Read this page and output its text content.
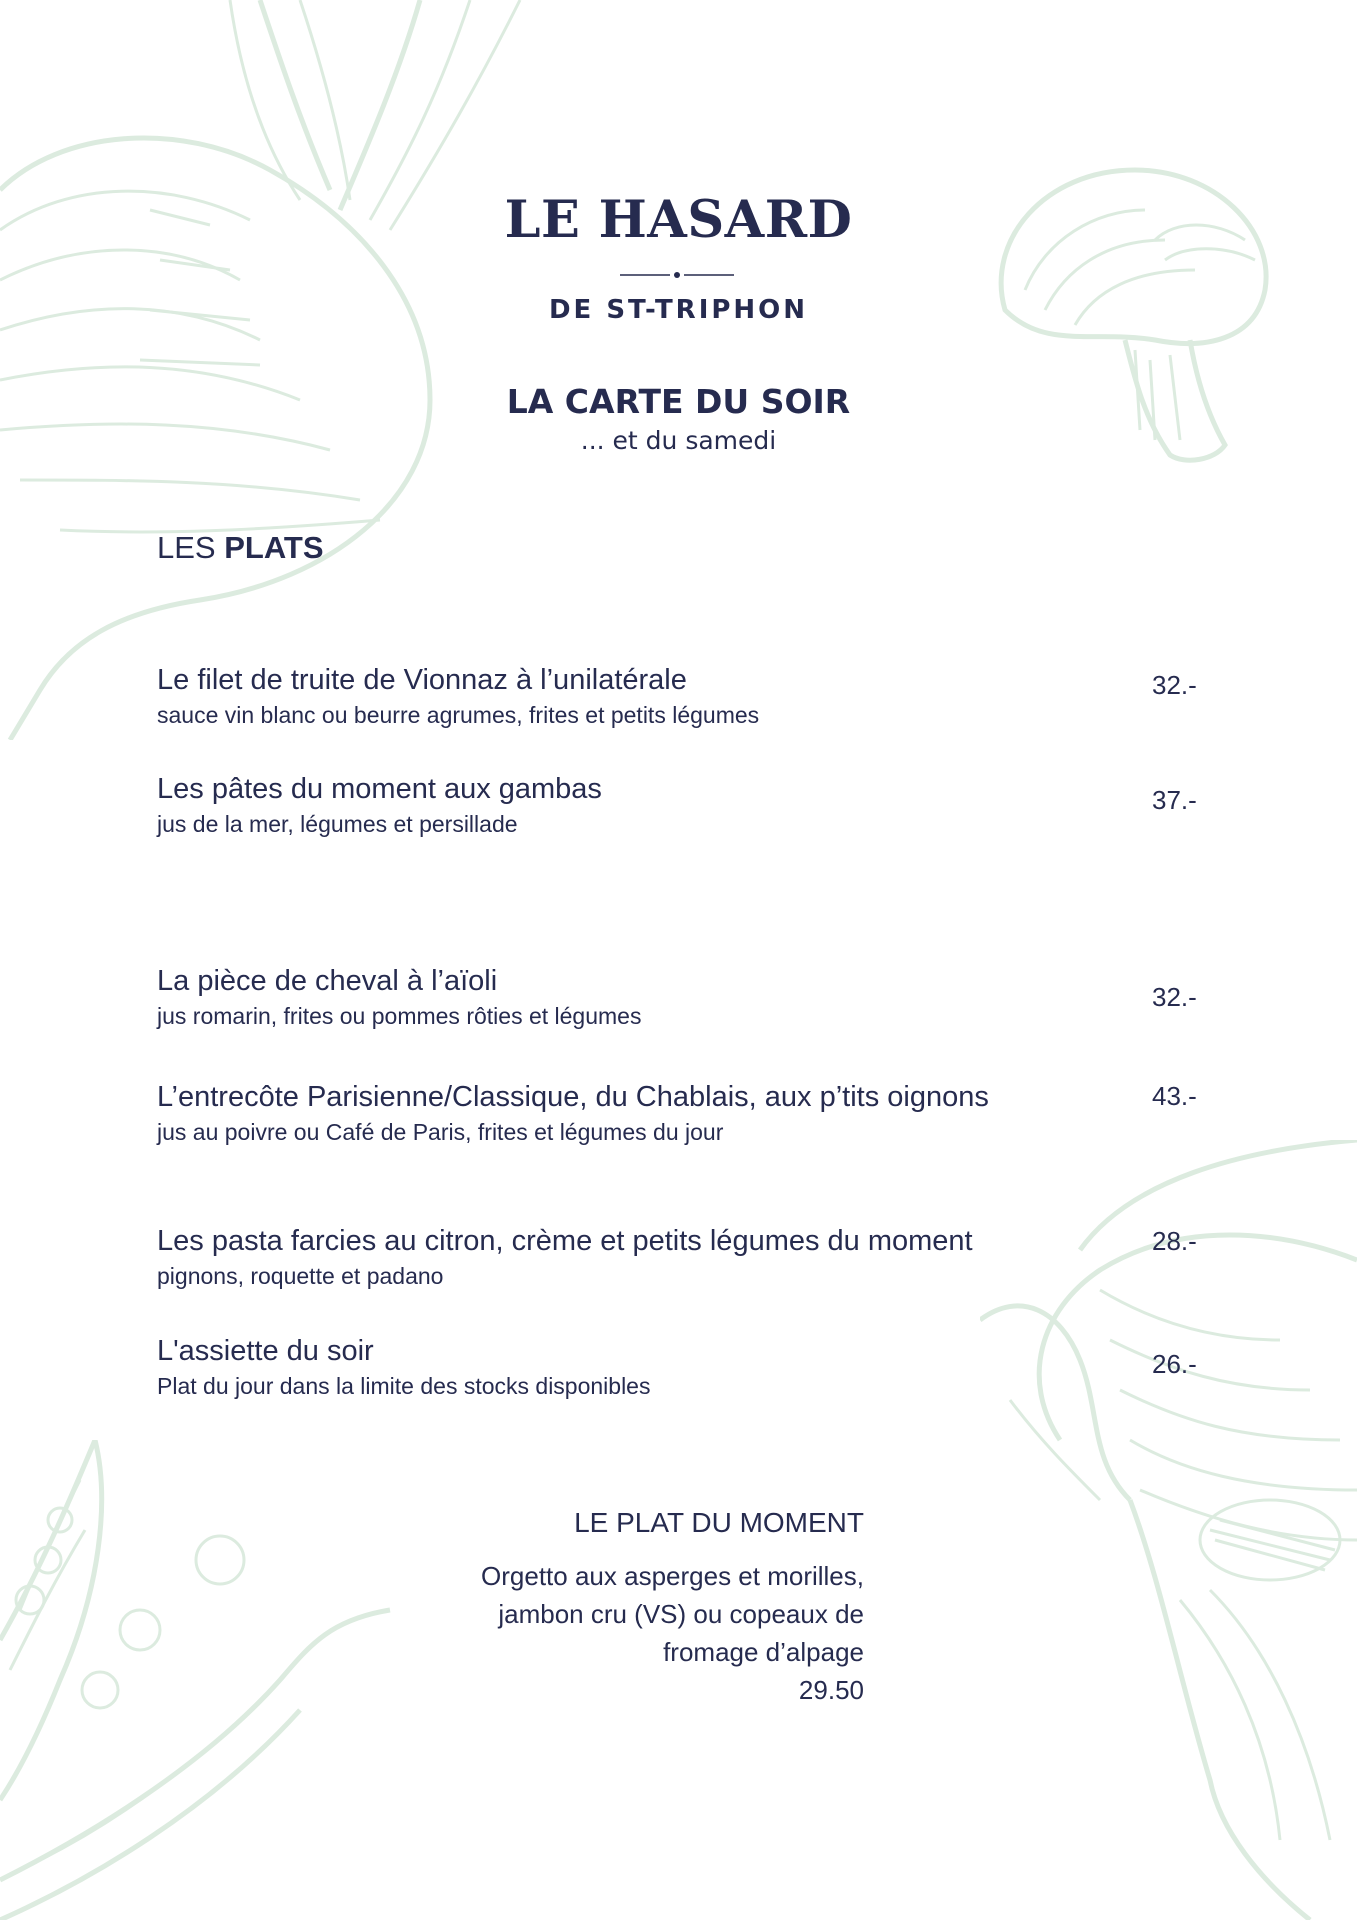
LE HASARD
DE ST-TRIPHON
LA CARTE DU SOIR
... et du samedi
LES PLATS
Le filet de truite de Vionnaz à l’unilatérale
sauce vin blanc ou beurre agrumes, frites et petits légumes
32.-
Les pâtes du moment aux gambas
jus de la mer, légumes et persillade
37.-
La pièce de cheval à l’aïoli
jus romarin, frites ou pommes rôties et légumes
32.-
L’entrecôte Parisienne/Classique, du Chablais, aux p’tits oignons
jus au poivre ou Café de Paris, frites et légumes du jour
43.-
Les pasta farcies au citron, crème et petits légumes du moment
pignons, roquette et padano
28.-
L'assiette du soir
Plat du jour dans la limite des stocks disponibles
26.-
LE PLAT DU MOMENT
Orgetto aux asperges et morilles,
jambon cru (VS) ou copeaux de
fromage d’alpage
29.50
